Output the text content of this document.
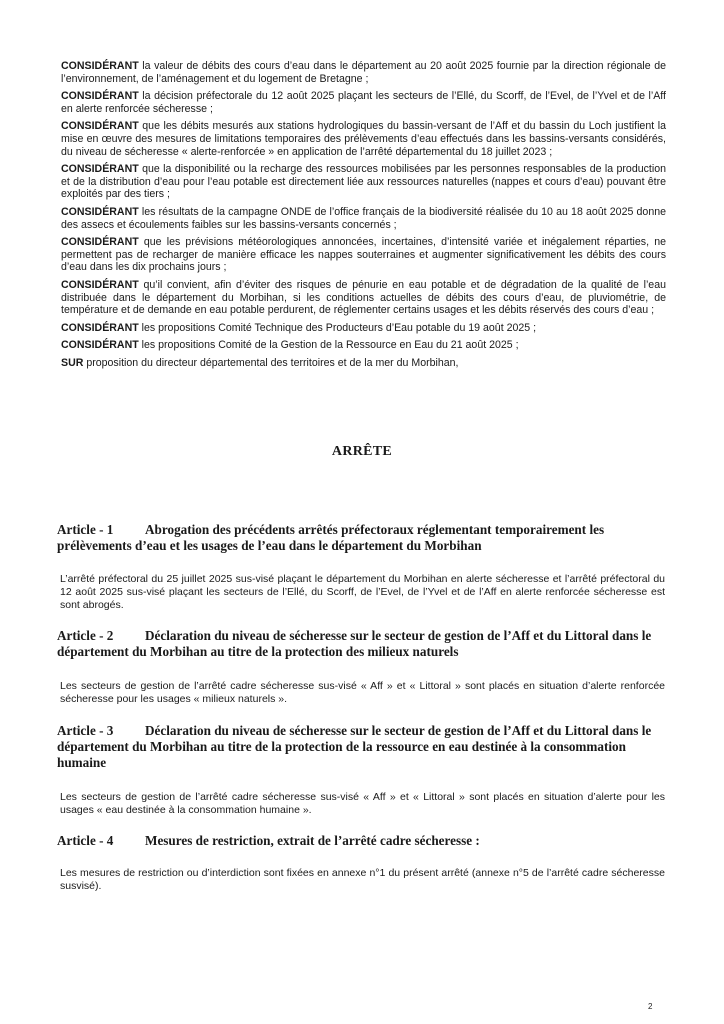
CONSIDÉRANT la valeur de débits des cours d’eau dans le département au 20 août 2025 fournie par la direction régionale de l’environnement, de l’aménagement et du logement de Bretagne ;

CONSIDÉRANT la décision préfectorale du 12 août 2025 plaçant les secteurs de l’Ellé, du Scorff, de l’Evel, de l’Yvel et de l’Aff en alerte renforcée sécheresse ;

CONSIDÉRANT que les débits mesurés aux stations hydrologiques du bassin-versant de l’Aff et du bassin du Loch justifient la mise en œuvre des mesures de limitations temporaires des prélèvements d’eau effectués dans les bassins-versants considérés, du niveau de sécheresse « alerte-renforcée » en application de l’arrêté départemental du 18 juillet 2023 ;

CONSIDÉRANT que la disponibilité ou la recharge des ressources mobilisées par les personnes responsables de la production et de la distribution d’eau pour l’eau potable est directement liée aux ressources naturelles (nappes et cours d’eau) pouvant être exploités par des tiers ;

CONSIDÉRANT les résultats de la campagne ONDE de l’office français de la biodiversité réalisée du 10 au 18 août 2025 donne des assecs et écoulements faibles sur les bassins-versants concernés ;

CONSIDÉRANT que les prévisions météorologiques annoncées, incertaines, d’intensité variée et inégalement réparties, ne permettent pas de recharger de manière efficace les nappes souterraines et augmenter significativement les débits des cours d’eau dans les dix prochains jours ;

CONSIDÉRANT qu’il convient, afin d’éviter des risques de pénurie en eau potable et de dégradation de la qualité de l’eau distribuée dans le département du Morbihan, si les conditions actuelles de débits des cours d’eau, de pluviométrie, de température et de demande en eau potable perdurent, de réglementer certains usages et les débits réservés des cours d’eau ;

CONSIDÉRANT les propositions Comité Technique des Producteurs d’Eau potable du 19 août 2025 ;

CONSIDÉRANT les propositions Comité de la Gestion de la Ressource en Eau du 21 août 2025 ;

SUR proposition du directeur départemental des territoires et de la mer du Morbihan,

ARRÊTE
Article - 1 Abrogation des précédents arrêtés préfectoraux réglementant temporairement les prélèvements d’eau et les usages de l’eau dans le département du Morbihan

L’arrêté préfectoral du 25 juillet 2025 sus-visé plaçant le département du Morbihan en alerte sécheresse et l’arrêté préfectoral du 12 août 2025 sus-visé plaçant les secteurs de l’Ellé, du Scorff, de l’Evel, de l’Yvel et de l’Aff en alerte renforcée sécheresse est sont abrogés.

Article - 2 Déclaration du niveau de sécheresse sur le secteur de gestion de l’Aff et du Littoral dans le département du Morbihan au titre de la protection des milieux naturels

Les secteurs de gestion de l’arrêté cadre sécheresse sus-visé « Aff » et « Littoral » sont placés en situation d’alerte renforcée sécheresse pour les usages « milieux naturels ».

Article - 3 Déclaration du niveau de sécheresse sur le secteur de gestion de l’Aff et du Littoral dans le département du Morbihan au titre de la protection de la ressource en eau destinée à la consommation humaine

Les secteurs de gestion de l’arrêté cadre sécheresse sus-visé « Aff » et « Littoral » sont placés en situation d’alerte pour les usages « eau destinée à la consommation humaine ».

Article - 4 Mesures de restriction, extrait de l’arrêté cadre sécheresse :

Les mesures de restriction ou d’interdiction sont fixées en annexe n°1 du présent arrêté (annexe n°5 de l’arrêté cadre sécheresse susvisé).

2
